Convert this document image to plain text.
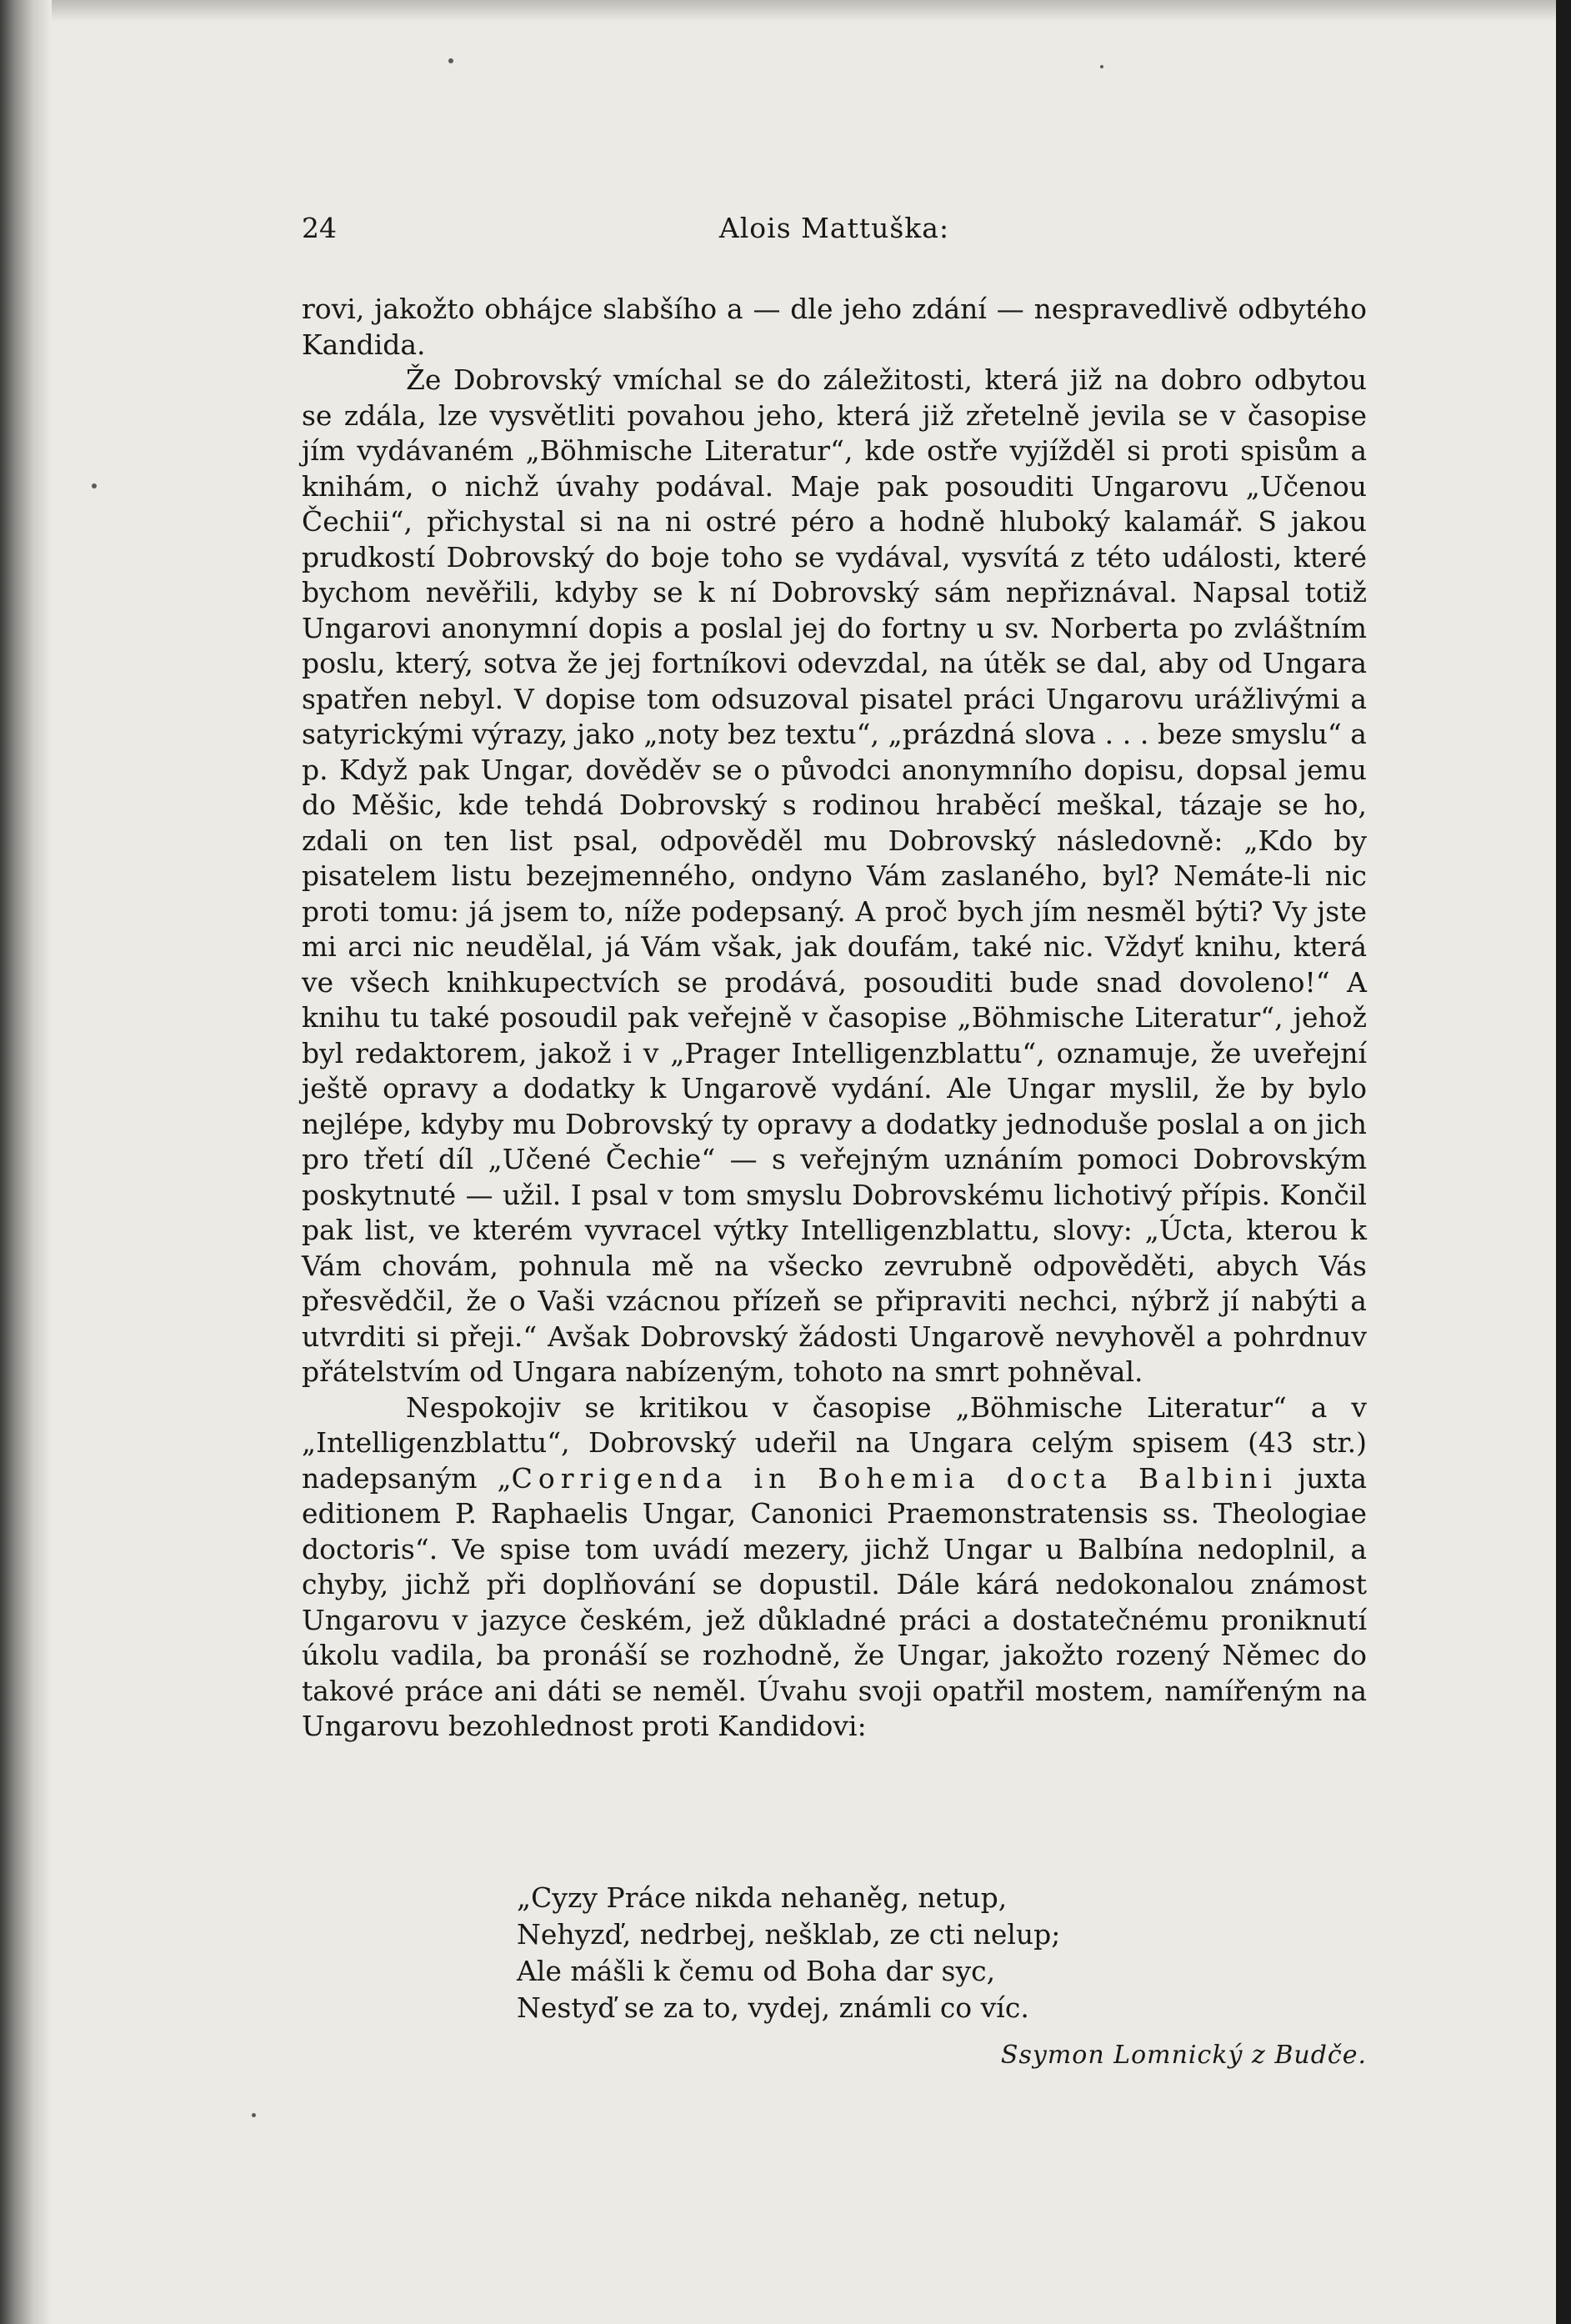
24	Alois Mattuška:

rovi, jakožto obhájce slabšího a — dle jeho zdání — nespravedlivě odbytého Kandida.

Že Dobrovský vmíchal se do záležitosti, která již na dobro odbytou se zdála, lze vysvětliti povahou jeho, která již zřetelně jevila se v časopise jím vydávaném „Böhmische Literatur“, kde ostře vyjížděl si proti spisům a knihám, o nichž úvahy podával. Maje pak posouditi Ungarovu „Učenou Čechii“, přichystal si na ni ostré péro a hodně hluboký kalamář. S jakou prudkostí Dobrovský do boje toho se vydával, vysvítá z této události, které bychom nevěřili, kdyby se k ní Dobrovský sám nepřiznával. Napsal totiž Ungarovi anonymní dopis a poslal jej do fortny u sv. Norberta po zvláštním poslu, který, sotva že jej fortníkovi odevzdal, na útěk se dal, aby od Ungara spatřen nebyl. V dopise tom odsuzoval pisatel práci Ungarovu urážlivými a satyrickými výrazy, jako „noty bez textu“, „prázdná slova . . . beze smyslu“ a p. Když pak Ungar, dověděv se o původci anonymního dopisu, dopsal jemu do Měšic, kde tehdá Dobrovský s rodinou hraběcí meškal, tázaje se ho, zdali on ten list psal, odpověděl mu Dobrovský následovně: „Kdo by pisatelem listu bezejmenného, ondyno Vám zaslaného, byl? Nemáte-li nic proti tomu: já jsem to, níže podepsaný. A proč bych jím nesměl býti? Vy jste mi arci nic neudělal, já Vám však, jak doufám, také nic. Vždyť knihu, která ve všech knihkupectvích se prodává, posouditi bude snad dovoleno!“ A knihu tu také posoudil pak veřejně v časopise „Böhmische Literatur“, jehož byl redaktorem, jakož i v „Prager Intelligenzblattu“, oznamuje, že uveřejní ještě opravy a dodatky k Ungarově vydání. Ale Ungar myslil, že by bylo nejlépe, kdyby mu Dobrovský ty opravy a dodatky jednoduše poslal a on jich pro třetí díl „Učené Čechie“ — s veřejným uznáním pomoci Dobrovským poskytnuté — užil. I psal v tom smyslu Dobrovskému lichotivý přípis. Končil pak list, ve kterém vyvracel výtky Intelligenzblattu, slovy: „Úcta, kterou k Vám chovám, pohnula mě na všecko zevrubně odpověděti, abych Vás přesvědčil, že o Vaši vzácnou přízeň se připraviti nechci, nýbrž jí nabýti a utvrditi si přeji.“ Avšak Dobrovský žádosti Ungarově nevyhověl a pohrdnuv přátelstvím od Ungara nabízeným, tohoto na smrt pohněval.

Nespokojiv se kritikou v časopise „Böhmische Literatur“ a v „Intelligenzblattu“, Dobrovský udeřil na Ungara celým spisem (43 str.) nadepsaným „Corrigenda in Bohemia docta Balbini juxta editionem P. Raphaelis Ungar, Canonici Praemonstratensis ss. Theologiae doctoris“. Ve spise tom uvádí mezery, jichž Ungar u Balbína nedoplnil, a chyby, jichž při doplňování se dopustil. Dále kárá nedokonalou známost Ungarovu v jazyce českém, jež důkladné práci a dostatečnému proniknutí úkolu vadila, ba pronáší se rozhodně, že Ungar, jakožto rozený Němec do takové práce ani dáti se neměl. Úvahu svoji opatřil mostem, namířeným na Ungarovu bezohlednost proti Kandidovi:

„Cyzy Práce nikda nehaněg, netup,
Nehyzď, nedrbej, nešklab, ze cti nelup;
Ale mášli k čemu od Boha dar syc,
Nestyď se za to, vydej, známli co víc.
Ssymon Lomnický z Budče.
